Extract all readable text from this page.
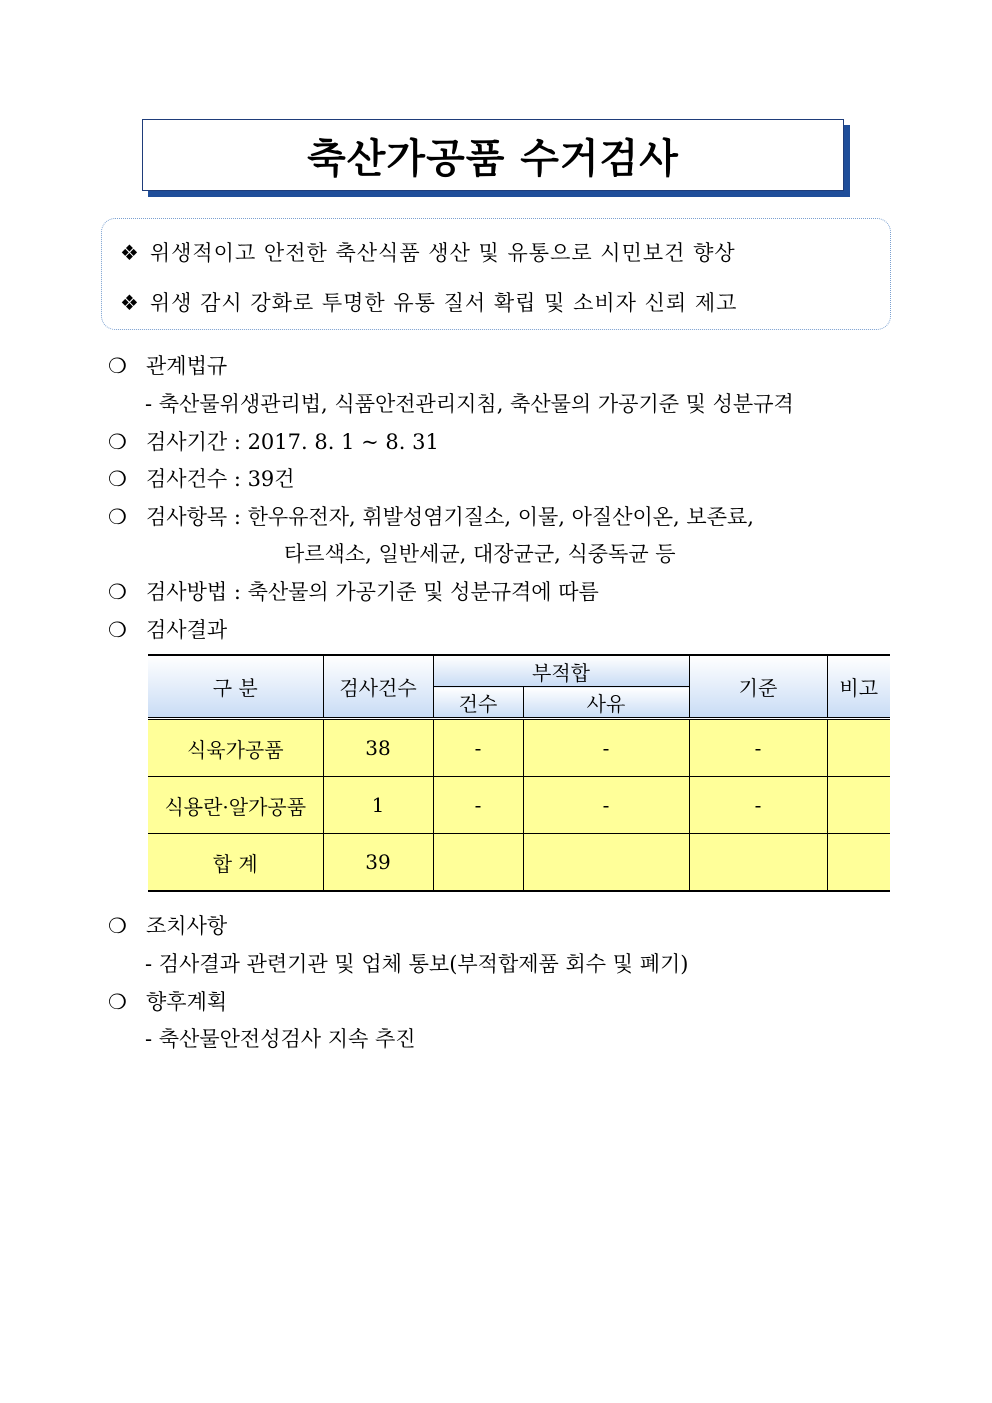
축산가공품 수거검사
❖ 위생적이고 안전한 축산식품 생산 및 유통으로 시민보건 향상
❖ 위생 감시 강화로 투명한 유통 질서 확립 및 소비자 신뢰 제고
❍ 관계법규
- 축산물위생관리법, 식품안전관리지침, 축산물의 가공기준 및 성분규격
❍ 검사기간 : 2017. 8. 1 ~ 8. 31
❍ 검사건수 : 39건
❍ 검사항목 : 한우유전자, 휘발성염기질소, 이물, 아질산이온, 보존료,
타르색소, 일반세균, 대장균군, 식중독균 등
❍ 검사방법 : 축산물의 가공기준 및 성분규격에 따름
❍ 검사결과
구 분	검사건수	부적합		기준	비고
		건수	사유		
식육가공품	38	-	-	-	
식용란·알가공품	1	-	-	-	
합 계	39				
❍ 조치사항
- 검사결과 관련기관 및 업체 통보(부적합제품 회수 및 폐기)
❍ 향후계획
- 축산물안전성검사 지속 추진
